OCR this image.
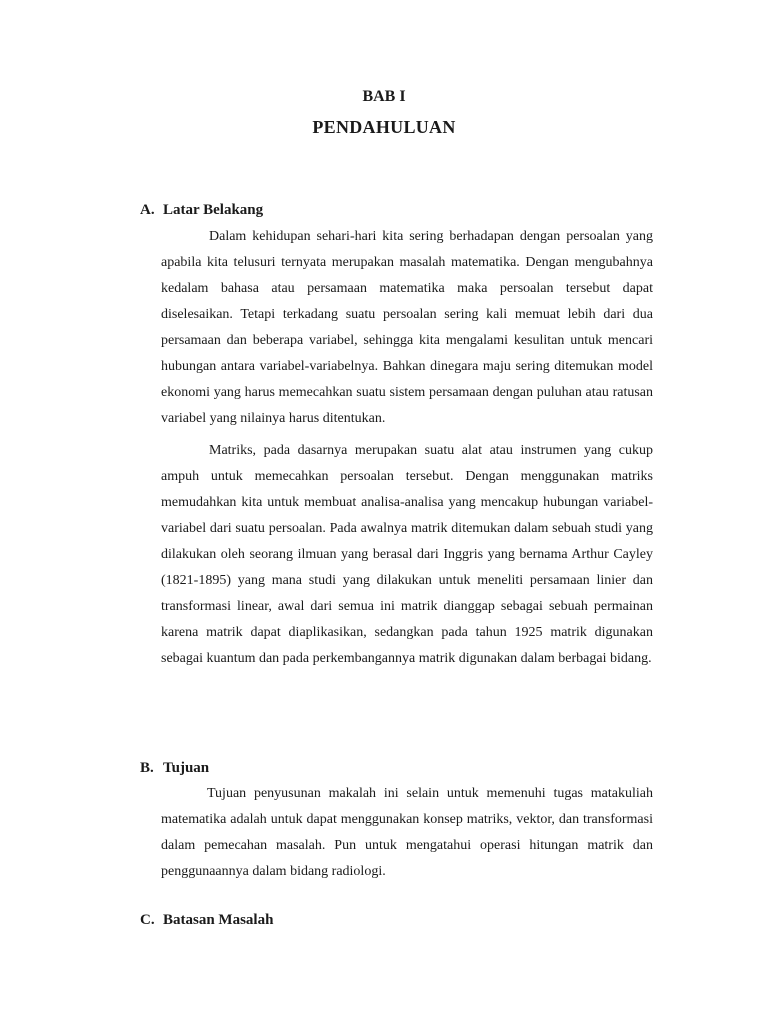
BAB I
PENDAHULUAN
A. Latar Belakang

Dalam kehidupan sehari-hari kita sering berhadapan dengan persoalan yang apabila kita telusuri ternyata merupakan masalah matematika. Dengan mengubahnya kedalam bahasa atau persamaan matematika maka persoalan tersebut dapat diselesaikan. Tetapi terkadang suatu persoalan sering kali memuat lebih dari dua persamaan dan beberapa variabel, sehingga kita mengalami kesulitan untuk mencari hubungan antara variabel-variabelnya. Bahkan dinegara maju sering ditemukan model ekonomi yang harus memecahkan suatu sistem persamaan dengan puluhan atau ratusan variabel yang nilainya harus ditentukan.

Matriks, pada dasarnya merupakan suatu alat atau instrumen yang cukup ampuh untuk memecahkan persoalan tersebut. Dengan menggunakan matriks memudahkan kita untuk membuat analisa-analisa yang mencakup hubungan variabel-variabel dari suatu persoalan. Pada awalnya matrik ditemukan dalam sebuah studi yang dilakukan oleh seorang ilmuan yang berasal dari Inggris yang bernama Arthur Cayley (1821-1895) yang mana studi yang dilakukan untuk meneliti persamaan linier dan transformasi linear, awal dari semua ini matrik dianggap sebagai sebuah permainan karena matrik dapat diaplikasikan, sedangkan pada tahun 1925 matrik digunakan sebagai kuantum dan pada perkembangannya matrik digunakan dalam berbagai bidang.

B. Tujuan

Tujuan penyusunan makalah ini selain untuk memenuhi tugas matakuliah matematika adalah untuk dapat menggunakan konsep matriks, vektor, dan transformasi dalam pemecahan masalah. Pun untuk mengatahui operasi hitungan matrik dan penggunaannya dalam bidang radiologi.

C. Batasan Masalah
